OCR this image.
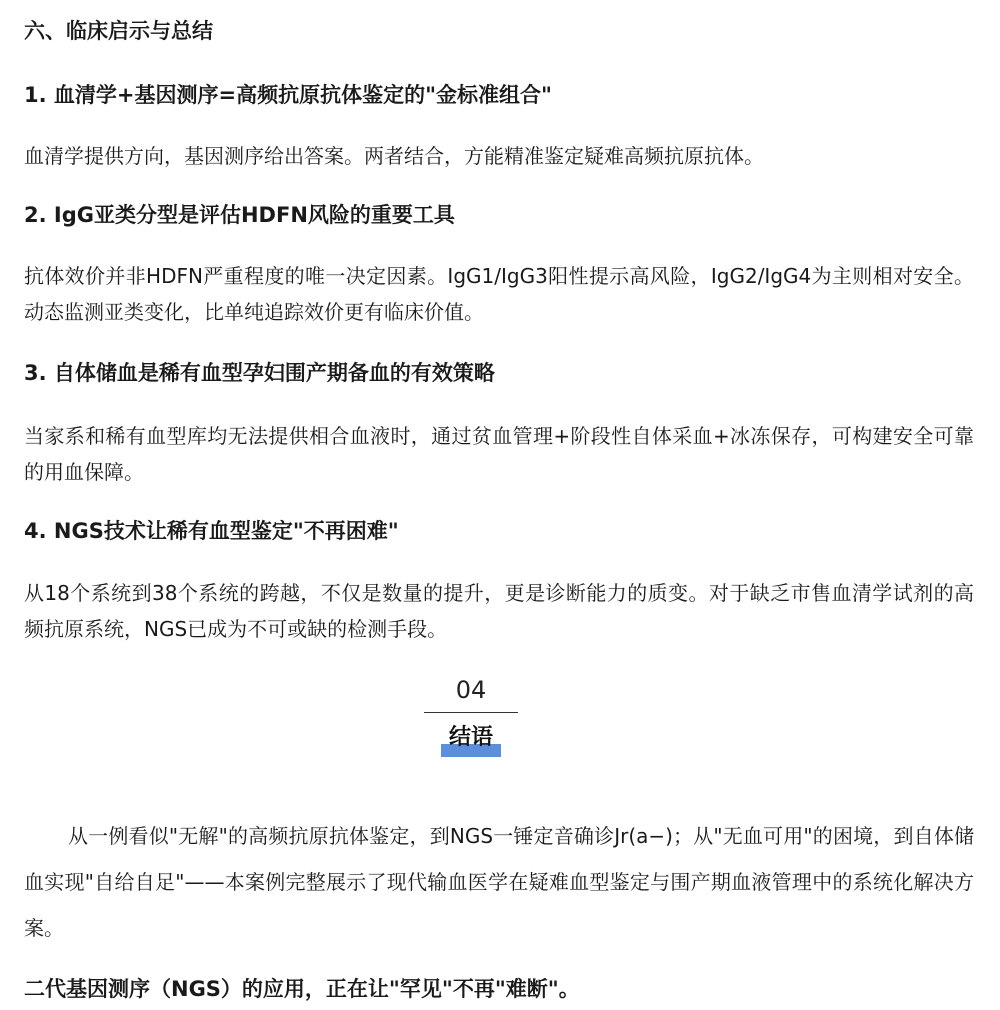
六、临床启示与总结
1. 血清学+基因测序=高频抗原抗体鉴定的"金标准组合"

血清学提供方向，基因测序给出答案。两者结合，方能精准鉴定疑难高频抗原抗体。

2. IgG亚类分型是评估HDFN风险的重要工具

抗体效价并非HDFN严重程度的唯一决定因素。IgG1/IgG3阳性提示高风险，IgG2/IgG4为主则相对安全。动态监测亚类变化，比单纯追踪效价更有临床价值。

3. 自体储血是稀有血型孕妇围产期备血的有效策略

当家系和稀有血型库均无法提供相合血液时，通过贫血管理+阶段性自体采血+冰冻保存，可构建安全可靠的用血保障。

4. NGS技术让稀有血型鉴定"不再困难"

从18个系统到38个系统的跨越，不仅是数量的提升，更是诊断能力的质变。对于缺乏市售血清学试剂的高频抗原系统，NGS已成为不可或缺的检测手段。

从一例看似"无解"的高频抗原抗体鉴定，到NGS一锤定音确诊Jr(a−)；从"无血可用"的困境，到自体储血实现"自给自足"——本案例完整展示了现代输血医学在疑难血型鉴定与围产期血液管理中的系统化解决方案。

二代基因测序（NGS）的应用，正在让"罕见"不再"难断"。
04
结语
